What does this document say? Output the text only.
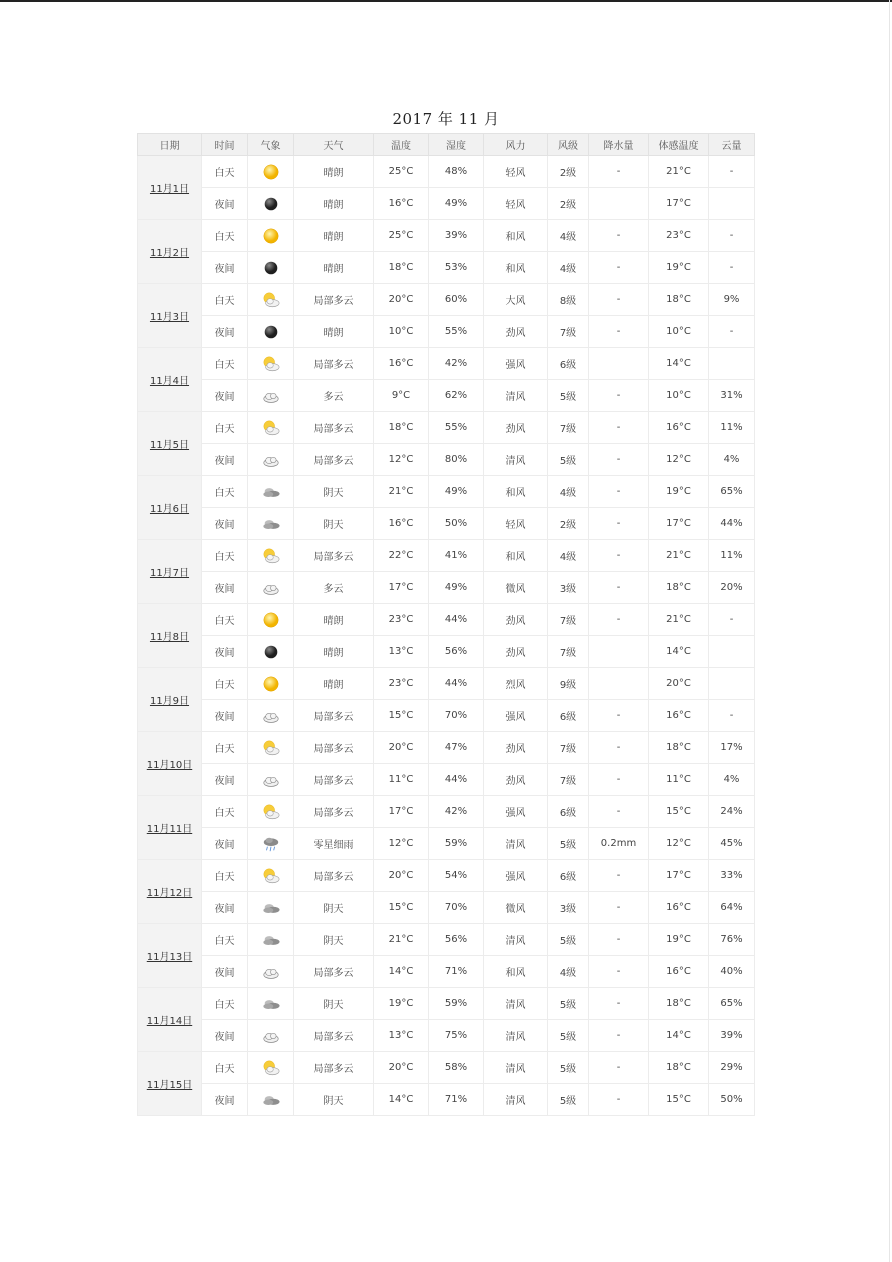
2017 年 11 月
日期	时间	气象	天气	温度	湿度	风力	风级	降水量	体感温度	云量
11月1日	白天		晴朗	25°C	48%	轻风	2级	-	21°C	-
	夜间		晴朗	16°C	49%	轻风	2级		17°C	
11月2日	白天		晴朗	25°C	39%	和风	4级	-	23°C	-
	夜间		晴朗	18°C	53%	和风	4级	-	19°C	-
11月3日	白天		局部多云	20°C	60%	大风	8级	-	18°C	9%
	夜间		晴朗	10°C	55%	劲风	7级	-	10°C	-
11月4日	白天		局部多云	16°C	42%	强风	6级		14°C	
	夜间		多云	9°C	62%	清风	5级	-	10°C	31%
11月5日	白天		局部多云	18°C	55%	劲风	7级	-	16°C	11%
	夜间		局部多云	12°C	80%	清风	5级	-	12°C	4%
11月6日	白天		阴天	21°C	49%	和风	4级	-	19°C	65%
	夜间		阴天	16°C	50%	轻风	2级	-	17°C	44%
11月7日	白天		局部多云	22°C	41%	和风	4级	-	21°C	11%
	夜间		多云	17°C	49%	微风	3级	-	18°C	20%
11月8日	白天		晴朗	23°C	44%	劲风	7级	-	21°C	-
	夜间		晴朗	13°C	56%	劲风	7级		14°C	
11月9日	白天		晴朗	23°C	44%	烈风	9级		20°C	
	夜间		局部多云	15°C	70%	强风	6级	-	16°C	-
11月10日	白天		局部多云	20°C	47%	劲风	7级	-	18°C	17%
	夜间		局部多云	11°C	44%	劲风	7级	-	11°C	4%
11月11日	白天		局部多云	17°C	42%	强风	6级	-	15°C	24%
	夜间		零星细雨	12°C	59%	清风	5级	0.2mm	12°C	45%
11月12日	白天		局部多云	20°C	54%	强风	6级	-	17°C	33%
	夜间		阴天	15°C	70%	微风	3级	-	16°C	64%
11月13日	白天		阴天	21°C	56%	清风	5级	-	19°C	76%
	夜间		局部多云	14°C	71%	和风	4级	-	16°C	40%
11月14日	白天		阴天	19°C	59%	清风	5级	-	18°C	65%
	夜间		局部多云	13°C	75%	清风	5级	-	14°C	39%
11月15日	白天		局部多云	20°C	58%	清风	5级	-	18°C	29%
	夜间		阴天	14°C	71%	清风	5级	-	15°C	50%
